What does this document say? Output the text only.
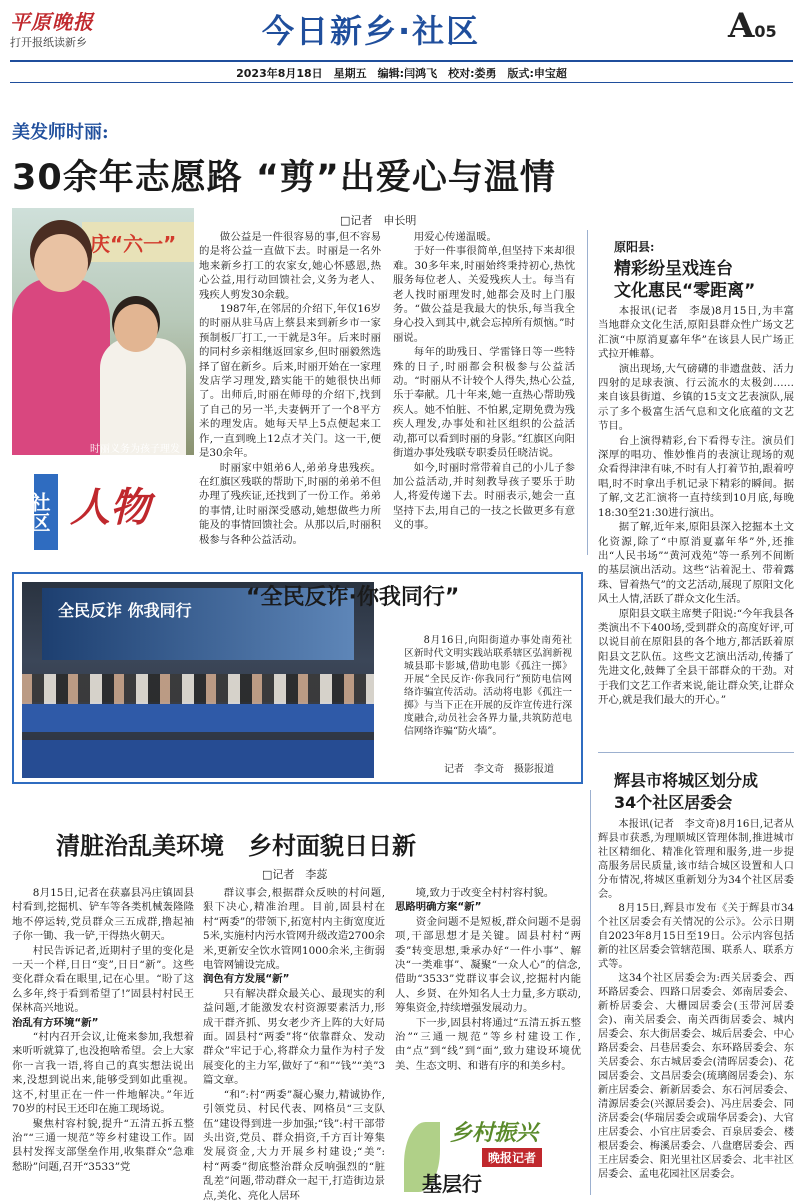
平原晚报
打开报纸读新乡	今日新乡·社区	A05
2023年8月18日　星期五　编辑:闫鸿飞　校对:娄勇　版式:申宝超
美发师时丽:
30余年志愿路 “剪”出爱心与温情
□记者　申长明
庆“六一”
时丽义务为孩子理发
社区 人物

做公益是一件很容易的事,但不容易的是将公益一直做下去。时丽是一名外地来新乡打工的农家女,她心怀感恩,热心公益,用行动回馈社会,义务为老人、残疾人剪发30余载。

1987年,在邻居的介绍下,年仅16岁的时丽从驻马店上蔡县来到新乡市一家预制板厂打工,一干就是3年。后来时丽的同村乡亲相继返回家乡,但时丽毅然选择了留在新乡。后来,时丽开始在一家理发店学习理发,踏实能干的她很快出师了。出师后,时丽在师母的介绍下,找到了自己的另一半,夫妻俩开了一个8平方米的理发店。她每天早上5点便起来工作,一直到晚上12点才关门。这一干,便是30余年。

时丽家中姐弟6人,弟弟身患残疾。在红旗区残联的帮助下,时丽的弟弟不但办理了残疾证,还找到了一份工作。弟弟的事情,让时丽深受感动,她想做些力所能及的事情回馈社会。从那以后,时丽积极参与各种公益活动。

用爱心传递温暖。

于好一件事很简单,但坚持下来却很难。30多年来,时丽始终秉持初心,热忱服务每位老人、关爱残疾人士。每当有老人找时丽理发时,她都会及时上门服务。“做公益是我最大的快乐,每当我全身心投入到其中,就会忘掉所有烦恼。”时丽说。

每年的助残日、学雷锋日等一些特殊的日子,时丽都会积极参与公益活动。“时丽从不计较个人得失,热心公益,乐于奉献。几十年来,她一直热心帮助残疾人。她不怕脏、不怕累,定期免费为残疾人理发,办事处和社区组织的公益活动,都可以看到时丽的身影。”红旗区向阳街道办事处残联专职委员任晓洁说。

如今,时丽时常带着自己的小儿子参加公益活动,并时刻教导孩子要乐于助人,将爱传递下去。时丽表示,她会一直坚持下去,用自己的一技之长做更多有意义的事。

全民反诈 你我同行
“全民反诈·你我同行”

8月16日,向阳街道办事处南苑社区新时代文明实践站联系辖区弘润新视城县耶卡影城,借助电影《孤注一掷》开展“全民反诈·你我同行”预防电信网络诈骗宣传活动。活动将电影《孤注一掷》与当下正在开展的反诈宣传进行深度融合,动员社会各界力量,共筑防范电信网络诈骗“防火墙”。

记者　李文奇　摄影报道
原阳县:
精彩纷呈戏连台
文化惠民“零距离”

本报讯(记者　李晟)8月15日,为丰富当地群众文化生活,原阳县群众性广场文艺汇演“中原消夏嘉年华”在该县人民广场正式拉开帷幕。

演出现场,大气磅礴的非遗盘鼓、活力四射的足球表演、行云流水的太极剑……来自该县街道、乡镇的15支文艺表演队,展示了多个极富生活气息和文化底蕴的文艺节目。

台上演得精彩,台下看得专注。演员们深厚的唱功、惟妙惟肖的表演让现场的观众看得津津有味,不时有人打着节拍,跟着哼唱,时不时拿出手机记录下精彩的瞬间。据了解,文艺汇演将一直持续到10月底,每晚18:30至21:30进行演出。

据了解,近年来,原阳县深入挖掘本土文化资源,除了“中原消夏嘉年华”外,还推出“人民书场”“黄河戏苑”等一系列不间断的基层演出活动。这些“沾着泥土、带着露珠、冒着热气”的文艺活动,展现了原阳文化风土人情,活跃了群众文化生活。

原阳县文联主席樊子阳说:“今年我县各类演出不下400场,受到群众的高度好评,可以说目前在原阳县的各个地方,都活跃着原阳县文艺队伍。这些文艺演出活动,传播了先进文化,鼓舞了全县干部群众的干劲。对于我们文艺工作者来说,能让群众笑,让群众开心,就是我们最大的开心。”

辉县市将城区划分成
34个社区居委会

本报讯(记者　李文奇)8月16日,记者从辉县市获悉,为理顺城区管理体制,推进城市社区精细化、精准化管理和服务,进一步提高服务居民质量,该市结合城区设置和人口分布情况,将城区重新划分为34个社区居委会。

8月15日,辉县市发布《关于辉县市34个社区居委会有关情况的公示》。公示日期自2023年8月15日至19日。公示内容包括新的社区居委会管辖范围、联系人、联系方式等。

这34个社区居委会为:西关居委会、西环路居委会、四路口居委会、郊南居委会、新桥居委会、大栅园居委会(玉带河居委会)、南关居委会、南关西街居委会、城内居委会、东大街居委会、城后居委会、中心路居委会、吕巷居委会、东环路居委会、东关居委会、东古城居委会(清晖居委会)、花园居委会、文昌居委会(琉璃阁居委会)、东新庄居委会、新新居委会、东石河居委会、清源居委会(兴源居委会)、冯庄居委会、同济居委会(华瑞居委会或瑞华居委会)、大官庄居委会、小官庄居委会、百泉居委会、楼根居委会、梅溪居委会、八盘磨居委会、西王庄居委会、阳光里社区居委会、北丰社区居委会、孟电花园社区居委会。

清脏治乱美环境　乡村面貌日日新
□记者　李蕊

8月15日,记者在获嘉县冯庄镇固县村看到,挖掘机、铲车等各类机械轰隆隆地不停运转,党员群众三五成群,撸起袖子你一锄、我一铲,干得热火朝天。

村民告诉记者,近期村子里的变化是一天一个样,日日“变”,日日“新”。这些变化群众看在眼里,记在心里。“盼了这么多年,终于看到希望了!”固县村村民王保林高兴地说。

治乱有方环境“新”

“村内召开会议,让俺来参加,我想着来听听就算了,也没抱啥希望。会上大家你一言我一语,将自己的真实想法说出来,没想到说出来,能够受到如此重视。这不,村里正在一件一件地解决。”年近70岁的村民王还印在施工现场说。

聚焦村容村貌,提升“五清五拆五整治”“三通一规范”等乡村建设工作。固县村发挥支部堡垒作用,收集群众“急难愁盼”问题,召开“3533”党

群议事会,根据群众反映的村问题,狠下决心,精准治理。目前,固县村在村“两委”的带领下,拓宽村内主街宽度近5米,实施村内污水管网升级改造2700余米,更新安全饮水管网1000余米,主街弱电管网铺设完成。

润色有方发展“新”

只有解决群众最关心、最现实的利益问题,才能激发农村资源要素活力,形成干群齐抓、男女老少齐上阵的大好局面。固县村“两委”将“依靠群众、发动群众”牢记于心,将群众力量作为村子发展变化的主力军,做好了“和”“钱”“美”3篇文章。

“和”:村“两委”凝心聚力,精诚协作,引领党员、村民代表、网格员“三支队伍”建设得到进一步加强;“钱”:村干部带头出资,党员、群众捐资,千方百计筹集发展资金,大力开展乡村建设;“美”:村“两委”彻底整治群众反响强烈的“脏乱差”问题,带动群众一起干,打造街边景点,美化、亮化人居环

境,致力于改变全村村容村貌。

思路明确方案“新”

资金问题不是短板,群众问题不是弱项,干部思想才是关键。固县村村“两委”转变思想,秉承办好“一件小事”、解决“一类难事”、凝聚“一众人心”的信念,借助“3533”党群议事会议,挖掘村内能人、乡贤、在外知名人士力量,多方联动,筹集资金,持续增强发展动力。

下一步,固县村将通过“五清五拆五整治”“三通一规范”等乡村建设工作,由“点”到“线”到“面”,致力建设环境优美、生态文明、和谐有序的和美乡村。

乡村振兴
晚报记者
基层行
